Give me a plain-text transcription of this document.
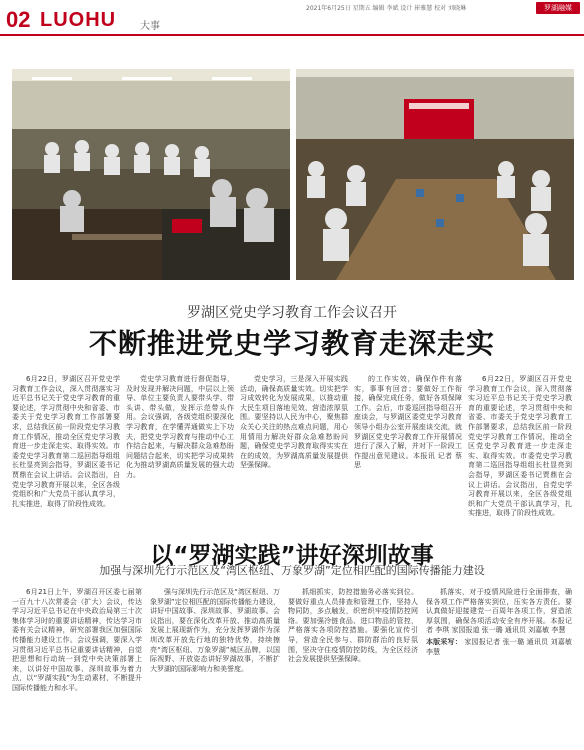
02 LUOHU 大事
2021年6月25日 星期五 编辑 李斌 设计 崔雅慧 校对 刘晓琳	罗湖融媒
罗湖区党史学习教育工作会议召开
不断推进党史学习教育走深走实

6月22日，罗湖区召开党史学习教育工作会议，深入贯彻落实习近平总书记关于党史学习教育的重要论述，学习贯彻中央和省委、市委关于党史学习教育工作部署要求，总结我区前一阶段党史学习教育工作情况，推动全区党史学习教育进一步走深走实、取得实效。市委党史学习教育第二巡回指导组组长杜显亮到会指导，罗湖区委书记贾鼎在会议上讲话。会议指出，自党史学习教育开展以来，全区各级党组织和广大党员干部认真学习，扎实推进，取得了阶段性成效。

党史学习教育进行督促指导，及时发现并解决问题，中层以上领导、单位主要负责人要带头学、带头讲、带头做，发挥示范带头作用。会议强调，各级党组织要深化学习教育，在学懂弄通做实上下功夫，把党史学习教育与推动中心工作结合起来，与解决群众急难愁盼问题结合起来，切实把学习成果转化为推动罗湖高质量发展的强大动力。

党史学习，三是深入开展实践活动，确保高质量实效。切实把学习成效转化为发展成果，以推动重大民生项目落地见效、营造浓厚氛围。要坚持以人民为中心，聚焦群众关心关注的热点难点问题，用心用情用力解决好群众急难愁盼问题，确保党史学习教育取得实实在在的成效，为罗湖高质量发展提供坚强保障。

的工作实效，确保作件有落实，事事有回音；要做好工作衔接，确保完成任务，做好各项保障工作。会后，市委巡回指导组召开座谈会，与罗湖区委党史学习教育领导小组办公室开展座谈交流，就罗湖区党史学习教育工作开展情况进行了深入了解，并对下一阶段工作提出意见建议。本报讯 记者 蔡思

6月22日，罗湖区召开党史学习教育工作会议，深入贯彻落实习近平总书记关于党史学习教育的重要论述，学习贯彻中央和省委、市委关于党史学习教育工作部署要求，总结我区前一阶段党史学习教育工作情况，推动全区党史学习教育进一步走深走实、取得实效。市委党史学习教育第二巡回指导组组长杜显亮到会指导，罗湖区委书记贾鼎在会议上讲话。会议指出，自党史学习教育开展以来，全区各级党组织和广大党员干部认真学习，扎实推进，取得了阶段性成效。

以“罗湖实践”讲好深圳故事
加强与深圳先行示范区及“湾区枢纽、万象罗湖”定位相匹配的国际传播能力建设

6月21日上午，罗湖召开区委七届第一百九十八次常委会（扩大）会议，传达学习习近平总书记在中央政治局第三十次集体学习时的重要讲话精神，传达学习市委有关会议精神，研究部署我区加强国际传播能力建设工作。会议强调，要深入学习贯彻习近平总书记重要讲话精神，自觉把思想和行动统一到党中央决策部署上来，以讲好中国故事、深圳故事为着力点，以“罗湖实践”为生动素材，不断提升国际传播能力和水平。

强与深圳先行示范区及“湾区枢纽、万象罗湖”定位相匹配的国际传播能力建设，讲好中国故事、深圳故事、罗湖故事。会议指出，要在深化改革开放、推动高质量发展上展现新作为，充分发挥罗湖作为深圳改革开放先行地的独特优势，持续擦亮“湾区枢纽、万象罗湖”城区品牌，以国际视野、开放姿态讲好罗湖故事，不断扩大罗湖的国际影响力和美誉度。

抓细抓实，防控措施务必落实到位。要做好重点人员排查和管理工作，坚持人物同防，多点触发，织密织牢疫情防控网络。要加强冷链食品、进口物品的管控，严格落实各项防控措施。要强化宣传引导，营造全民参与、群防群治的良好氛围，坚决守住疫情防控防线，为全区经济社会发展提供坚强保障。

抓落实，对于疫情风险进行全面排查，确保各项工作严格落实到位，压实各方责任。要认真做好迎接建党一百周年各项工作，营造浓厚氛围，确保各项活动安全有序开展。本报记者 李琪 家园报道 张一璐 通讯员 刘嘉敏 李慧

本版采写： 家园报记者 张一璐 通讯员 刘嘉敏 李慧
